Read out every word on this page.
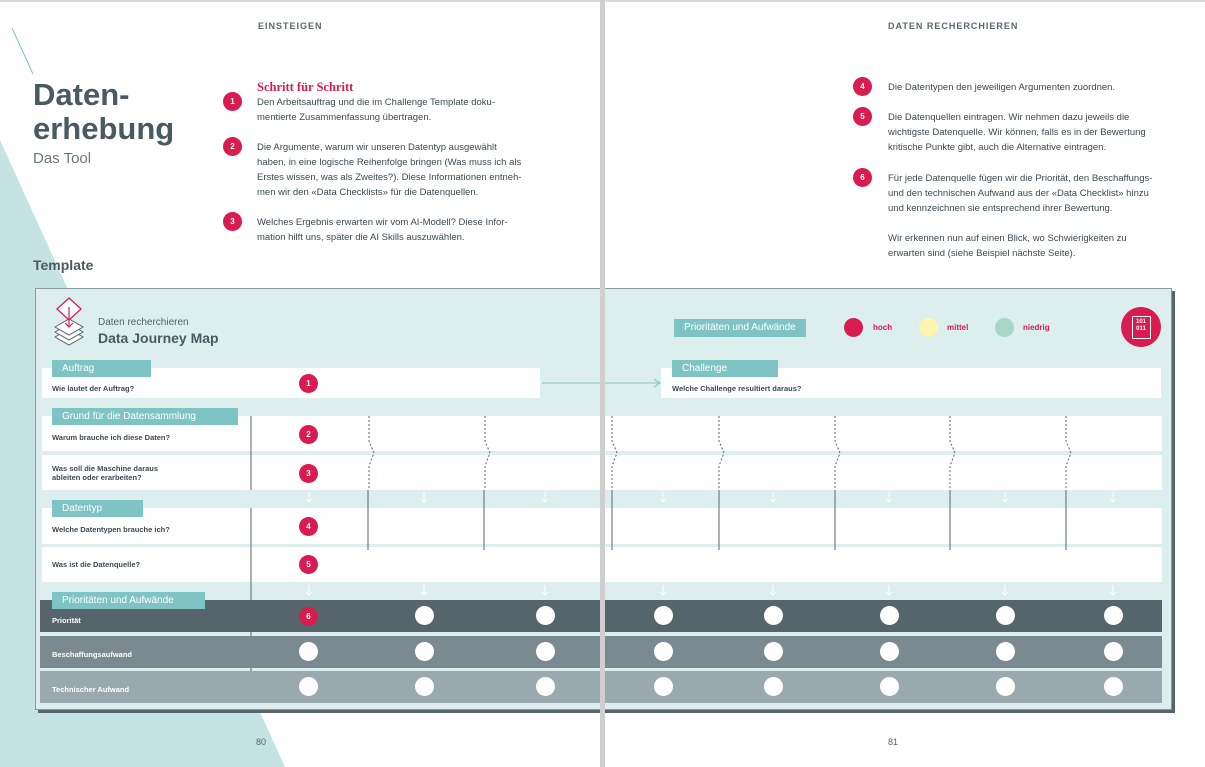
EINSTEIGEN
Daten-
erhebung
Das Tool
Schritt für Schritt
1	Den Arbeitsauftrag und die im Challenge Template doku-
mentierte Zusammenfassung übertragen.
2	Die Argumente, warum wir unseren Datentyp ausgewählt
haben, in eine logische Reihenfolge bringen (Was muss ich als
Erstes wissen, was als Zweites?). Diese Informationen entneh-
men wir den «Data Checklists» für die Datenquellen.
3	Welches Ergebnis erwarten wir vom AI-Modell? Diese Infor-
mation hilft uns, später die AI Skills auszuwählen.
Template
DATEN RECHERCHIEREN
4	Die Datentypen den jeweiligen Argumenten zuordnen.
5	Die Datenquellen eintragen. Wir nehmen dazu jeweils die
wichtigste Datenquelle. Wir können, falls es in der Bewertung
kritische Punkte gibt, auch die Alternative eintragen.
6	Für jede Datenquelle fügen wir die Priorität, den Beschaffungs-
und den technischen Aufwand aus der «Data Checklist» hinzu
und kennzeichnen sie entsprechend ihrer Bewertung.
Wir erkennen nun auf einen Blick, wo Schwierigkeiten zu
erwarten sind (siehe Beispiel nächste Seite).
Daten recherchieren
Data Journey Map
Prioritäten und Aufwände	hoch	mittel	niedrig
101
011
Auftrag
Wie lautet der Auftrag?
1
Challenge
Welche Challenge resultiert daraus?
Grund für die Datensammlung
Warum brauche ich diese Daten?
Was soll die Maschine daraus
ableiten oder erarbeiten?
2
3
Datentyp
Welche Datentypen brauche ich?
Was ist die Datenquelle?
4
5
Prioritäten und Aufwände
Priorität
Beschaffungsaufwand
Technischer Aufwand
6
80	81
